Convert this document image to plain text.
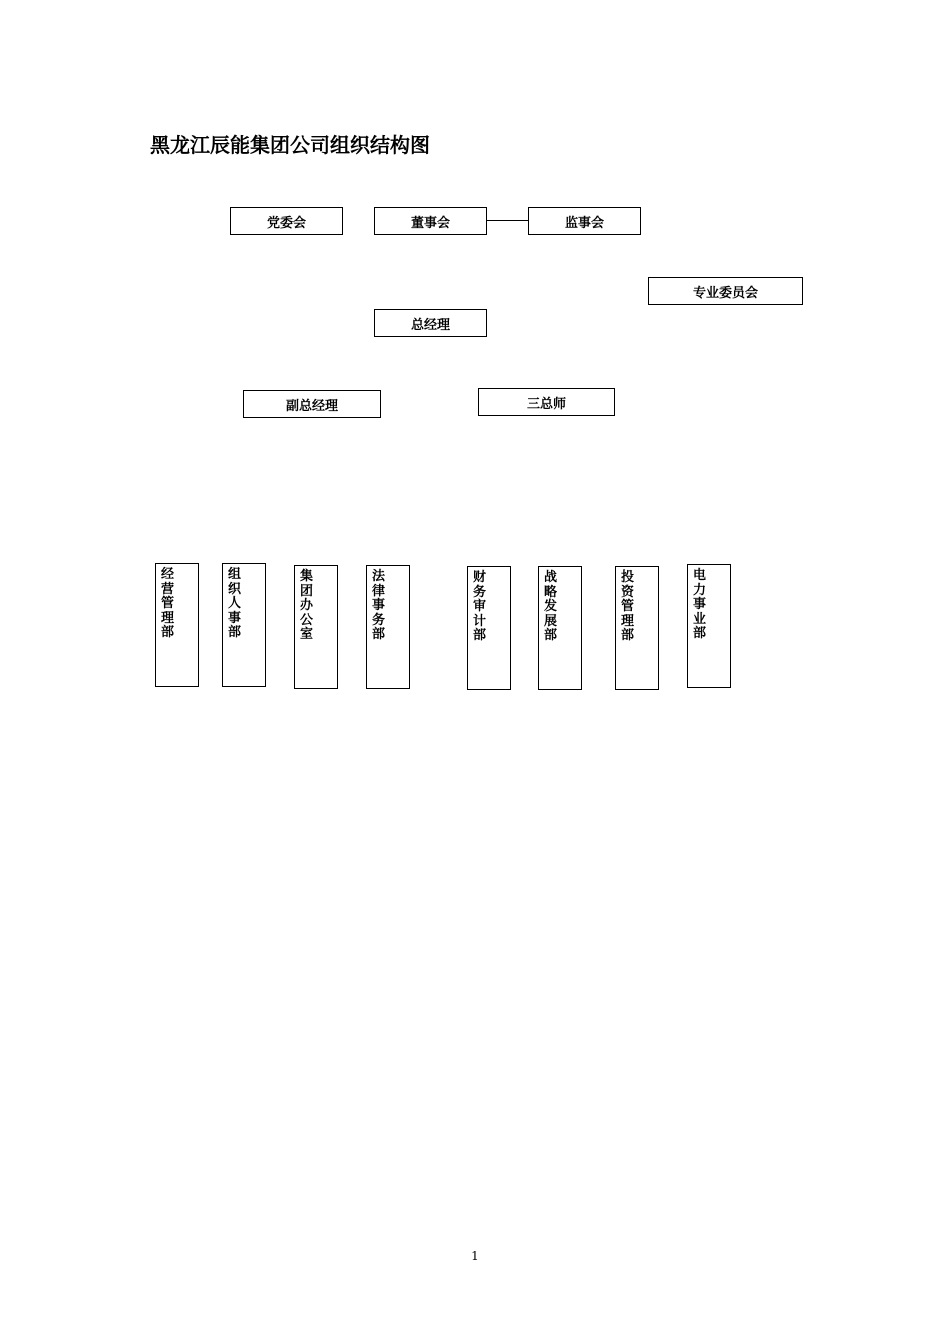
黑龙江辰能集团公司组织结构图
党委会	董事会	监事会
专业委员会
总经理
副总经理	三总师
经营管理部
组织人事部
集团办公室
法律事务部
财务审计部
战略发展部
投资管理部
电力事业部
1
